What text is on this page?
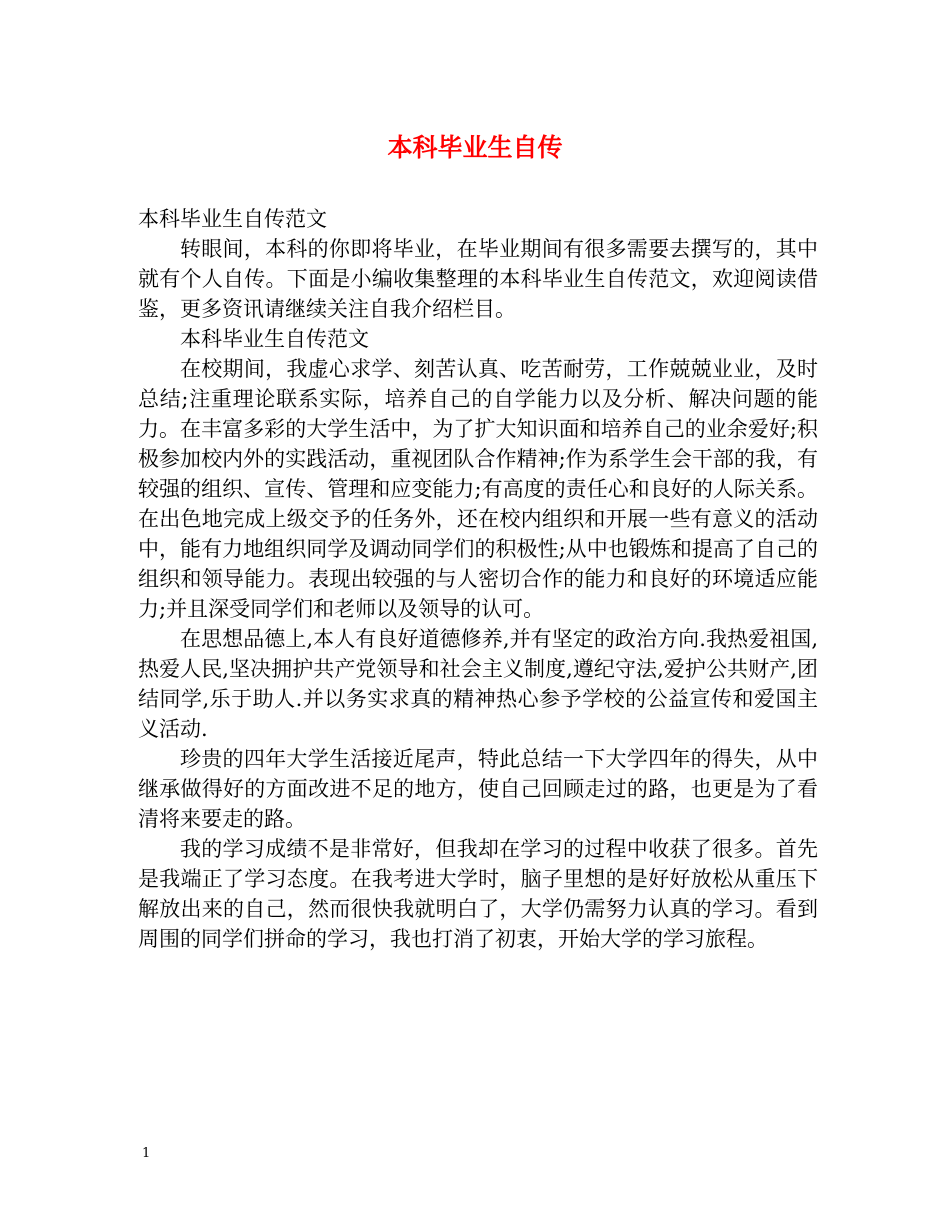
本科毕业生自传

本科毕业生自传范文

转眼间，本科的你即将毕业，在毕业期间有很多需要去撰写的，其中就有个人自传。下面是小编收集整理的本科毕业生自传范文，欢迎阅读借鉴，更多资讯请继续关注自我介绍栏目。

本科毕业生自传范文

在校期间，我虚心求学、刻苦认真、吃苦耐劳，工作兢兢业业，及时总结;注重理论联系实际，培养自己的自学能力以及分析、解决问题的能力。在丰富多彩的大学生活中，为了扩大知识面和培养自己的业余爱好;积极参加校内外的实践活动，重视团队合作精神;作为系学生会干部的我，有较强的组织、宣传、管理和应变能力;有高度的责任心和良好的人际关系。在出色地完成上级交予的任务外，还在校内组织和开展一些有意义的活动中，能有力地组织同学及调动同学们的积极性;从中也锻炼和提高了自己的组织和领导能力。表现出较强的与人密切合作的能力和良好的环境适应能力;并且深受同学们和老师以及领导的认可。

在思想品德上,本人有良好道德修养,并有坚定的政治方向.我热爱祖国,热爱人民,坚决拥护共产党领导和社会主义制度,遵纪守法,爱护公共财产,团结同学,乐于助人.并以务实求真的精神热心参予学校的公益宣传和爱国主义活动.

珍贵的四年大学生活接近尾声，特此总结一下大学四年的得失，从中继承做得好的方面改进不足的地方，使自己回顾走过的路，也更是为了看清将来要走的路。

我的学习成绩不是非常好，但我却在学习的过程中收获了很多。首先是我端正了学习态度。在我考进大学时，脑子里想的是好好放松从重压下解放出来的自己，然而很快我就明白了，大学仍需努力认真的学习。看到周围的同学们拼命的学习，我也打消了初衷，开始大学的学习旅程。

1
